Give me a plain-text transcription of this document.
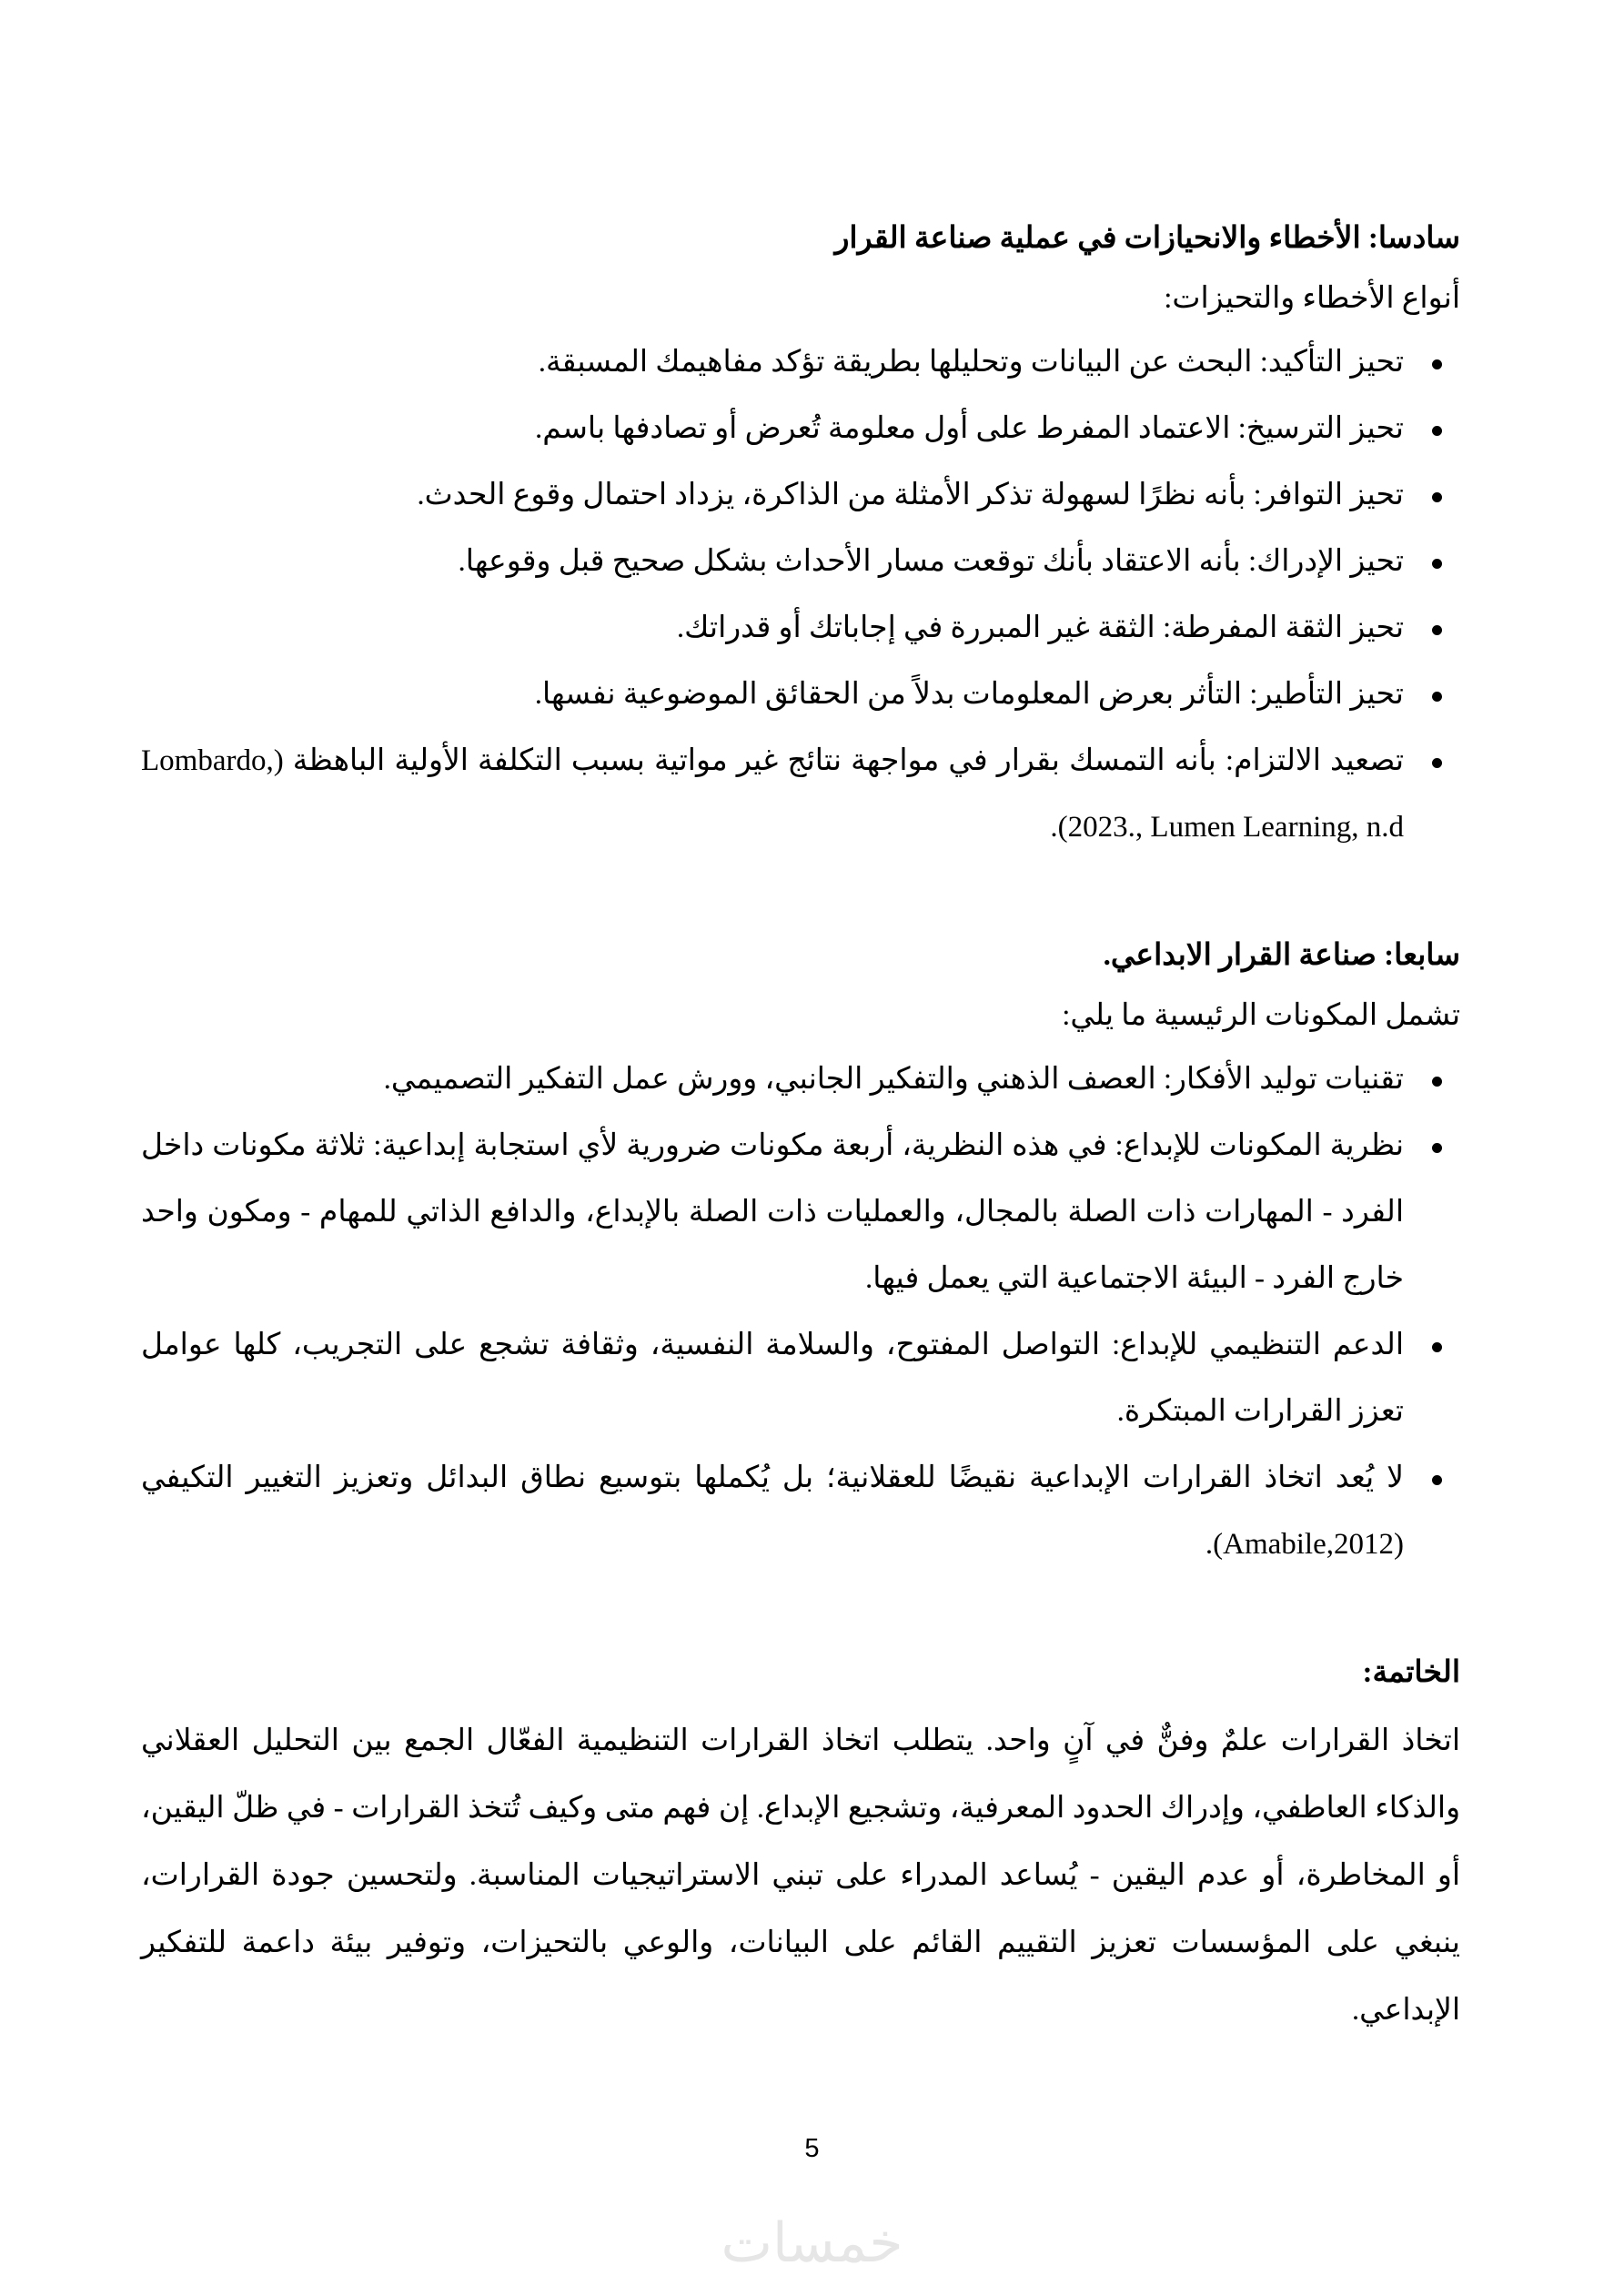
سادسا: الأخطاء والانحيازات في عملية صناعة القرار
أنواع الأخطاء والتحيزات:
تحيز التأكيد: البحث عن البيانات وتحليلها بطريقة تؤكد مفاهيمك المسبقة.
تحيز الترسيخ: الاعتماد المفرط على أول معلومة تُعرض أو تصادفها باسم.
تحيز التوافر: بأنه نظرًا لسهولة تذكر الأمثلة من الذاكرة، يزداد احتمال وقوع الحدث.
تحيز الإدراك: بأنه الاعتقاد بأنك توقعت مسار الأحداث بشكل صحيح قبل وقوعها.
تحيز الثقة المفرطة: الثقة غير المبررة في إجاباتك أو قدراتك.
تحيز التأطير: التأثر بعرض المعلومات بدلاً من الحقائق الموضوعية نفسها.
تصعيد الالتزام: بأنه التمسك بقرار في مواجهة نتائج غير مواتية بسبب التكلفة الأولية الباهظة (Lombardo, 2023., Lumen Learning, n.d).
سابعا: صناعة القرار الابداعي.
تشمل المكونات الرئيسية ما يلي:
تقنيات توليد الأفكار: العصف الذهني والتفكير الجانبي، وورش عمل التفكير التصميمي.
نظرية المكونات للإبداع: في هذه النظرية، أربعة مكونات ضرورية لأي استجابة إبداعية: ثلاثة مكونات داخل الفرد - المهارات ذات الصلة بالمجال، والعمليات ذات الصلة بالإبداع، والدافع الذاتي للمهام - ومكون واحد خارج الفرد - البيئة الاجتماعية التي يعمل فيها.
الدعم التنظيمي للإبداع: التواصل المفتوح، والسلامة النفسية، وثقافة تشجع على التجريب، كلها عوامل تعزز القرارات المبتكرة.
لا يُعد اتخاذ القرارات الإبداعية نقيضًا للعقلانية؛ بل يُكملها بتوسيع نطاق البدائل وتعزيز التغيير التكيفي (Amabile,2012).
الخاتمة:
اتخاذ القرارات علمٌ وفنٌّ في آنٍ واحد. يتطلب اتخاذ القرارات التنظيمية الفعّال الجمع بين التحليل العقلاني والذكاء العاطفي، وإدراك الحدود المعرفية، وتشجيع الإبداع. إن فهم متى وكيف تُتخذ القرارات - في ظلّ اليقين، أو المخاطرة، أو عدم اليقين - يُساعد المدراء على تبني الاستراتيجيات المناسبة. ولتحسين جودة القرارات، ينبغي على المؤسسات تعزيز التقييم القائم على البيانات، والوعي بالتحيزات، وتوفير بيئة داعمة للتفكير الإبداعي.
5
خمسات
